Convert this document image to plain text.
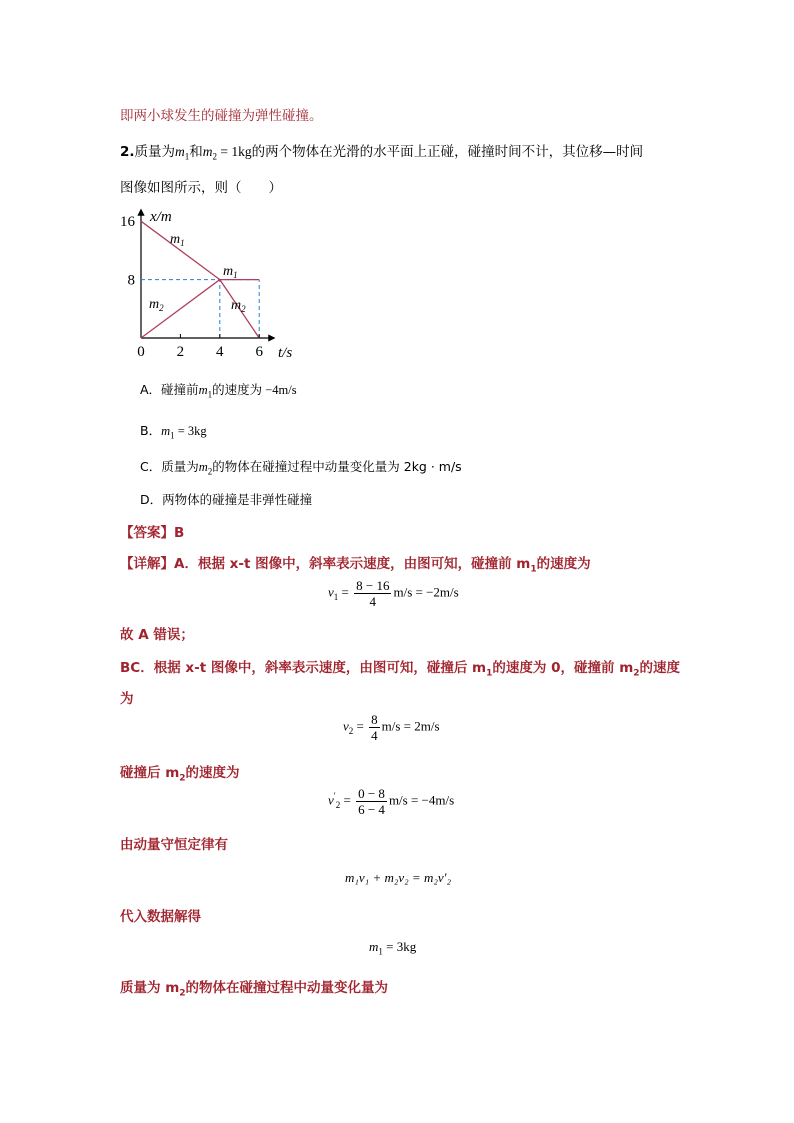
即两小球发生的碰撞为弹性碰撞。
2.质量为$m_1$和$m_2 = 1kg$的两个物体在光滑的水平面上正碰，碰撞时间不计，其位移—时间
图像如图所示，则（　　）
16
8
0 2 4 6
x/m
t/s
$m_1$
$m_1$
$m_2$	$m_2$
A．碰撞前$m_1$的速度为 −4m/s
B．$m_1 = 3kg$
C．质量为$m_2$的物体在碰撞过程中动量变化量为 2kg · m/s
D．两物体的碰撞是非弹性碰撞
【答案】B
【详解】A．根据 x-t 图像中，斜率表示速度，由图可知，碰撞前 $m_1$的速度为
$v_1 = \frac{8 - 16}{4} m/s = -2m/s$
故 A 错误；
BC．根据 x-t 图像中，斜率表示速度，由图可知，碰撞后 $m_1$的速度为 0，碰撞前 $m_2$的速度
为
$v_2 = \frac{8}{4} m/s = 2m/s$
碰撞后 $m_2$的速度为
$v'_2 = \frac{0 - 8}{6 - 4} m/s = -4m/s$
由动量守恒定律有
m₁v₁ + m₂v₂ = m₂v′₂
代入数据解得
$m_1 = 3kg$
质量为 $m_2$的物体在碰撞过程中动量变化量为
